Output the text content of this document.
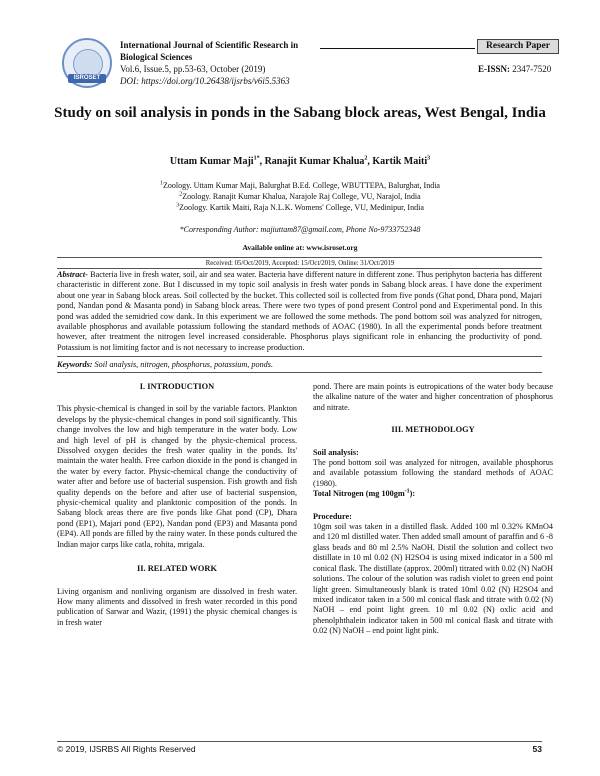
ISROSET
International Journal of Scientific Research in	Research Paper
Biological Sciences
Vol.6, Issue.5, pp.53-63, October (2019)	E-ISSN: 2347-7520
DOI: https://doi.org/10.26438/ijsrbs/v6i5.5363
Study on soil analysis in ponds in the Sabang block areas, West Bengal, India
Uttam Kumar Maji$^{1*}$, Ranajit Kumar Khalua$^2$, Kartik Maiti$^3$
$^1$Zoology. Uttam Kumar Maji, Balurghat B.Ed. College, WBUTTEPA, Balurghat, India
$^2$Zoology. Ranajit Kumar Khalua, Narajole Raj College, VU, Narajol, India
$^3$Zoology. Kartik Maiti, Raja N.L.K. Womens' College, VU, Medinipur, India
*Corresponding Author: majiuttam87@gmail.com, Phone No-9733752348
Available online at: www.isroset.org
Received: 05/Oct/2019, Accepted: 15/Oct/2019, Online: 31/Oct/2019
Abstract- Bacteria live in fresh water, soil, air and sea water. Bacteria have different nature in different zone. Thus periphyton bacteria has different characteristic in different zone. But I discussed in my topic soil analysis in fresh water ponds in Sabang block areas. I have done the experiment about one year in Sabang block areas. Soil collected by the bucket. This collected soil is collected from five ponds (Ghat pond, Dhara pond, Majari pond, Nandan pond & Masanta pond) in Sabang block areas. There were two types of pond present Control pond and Experimental pond. In this pond was added the semidried cow dank. In this experiment we are followed the some methods. The pond bottom soil was analyzed for nitrogen, available phosphorus and available potassium following the standard methods of AOAC (1980). In all the experimental ponds before treatment however, after treatment the nitrogen level increased considerable. Phosphorus plays significant role in enhancing the productivity of pond. Potassium is not limiting factor and is not necessary to increase production.
Keywords: Soil analysis, nitrogen, phosphorus, potassium, ponds.

I. INTRODUCTION

This physic-chemical is changed in soil by the variable factors. Plankton develops by the physic-chemical changes in pond soil significantly. This change involves the low and high temperature in the water body. Low and high level of pH is changed by the physic-chemical process. Dissolved oxygen decides the fresh water quality in the ponds. Its' maintain the water health. Free carbon dioxide in the pond is changed in the water by every factor. Physic-chemical change the conductivity of water after and before use of bacterial suspension. Fish growth and fish quality depends on the before and after use of bacterial suspension, physic-chemical quality and planktonic composition of the ponds. In Sabang block areas there are five ponds like Ghat pond (CP), Dhara pond (EP1), Majari pond (EP2), Nandan pond (EP3) and Masanta pond (EP4). All ponds are filled by the rainy water. In these ponds cultured the Indian major carps like catla, rohita, mrigala.

II. RELATED WORK

Living organism and nonliving organism are dissolved in fresh water. How many aliments and dissolved in fresh water recorded in this pond publication of Sarwar and Wazir, (1991) the physic chemical changes is in fresh water

pond. There are main points is eutropications of the water body because the alkaline nature of the water and higher concentration of phosphorus and nitrate.

III. METHODOLOGY

Soil analysis:

The pond bottom soil was analyzed for nitrogen, available phosphorus and available potassium following the standard methods of AOAC (1980).

Total Nitrogen (mg $100gm^{-1}$):

Procedure:

10gm soil was taken in a distilled flask. Added 100 ml 0.32% KMnO4 and 120 ml distilled water. Then added small amount of paraffin and 6 -8 glass beads and 80 ml 2.5% NaOH. Distil the solution and collect two distillate in 10 ml 0.02 (N) H2SO4 is using mixed indicator in a 500 ml conical flask. The distillate (approx. 200ml) titrated with 0.02 (N) NaOH solutions. The colour of the solution was radish violet to green end point light green. Simultaneously blank is trated 10ml 0.02 (N) H2SO4 and mixed indicator taken in a 500 ml conical flask and titrate with 0.02 (N) NaOH – end point light green. 10 ml 0.02 (N) oxlic acid and phenolphthalein indicator taken in 500 ml conical flask and titrate with 0.02 (N) NaOH – end point light pink.

© 2019, IJSRBS All Rights Reserved	53
